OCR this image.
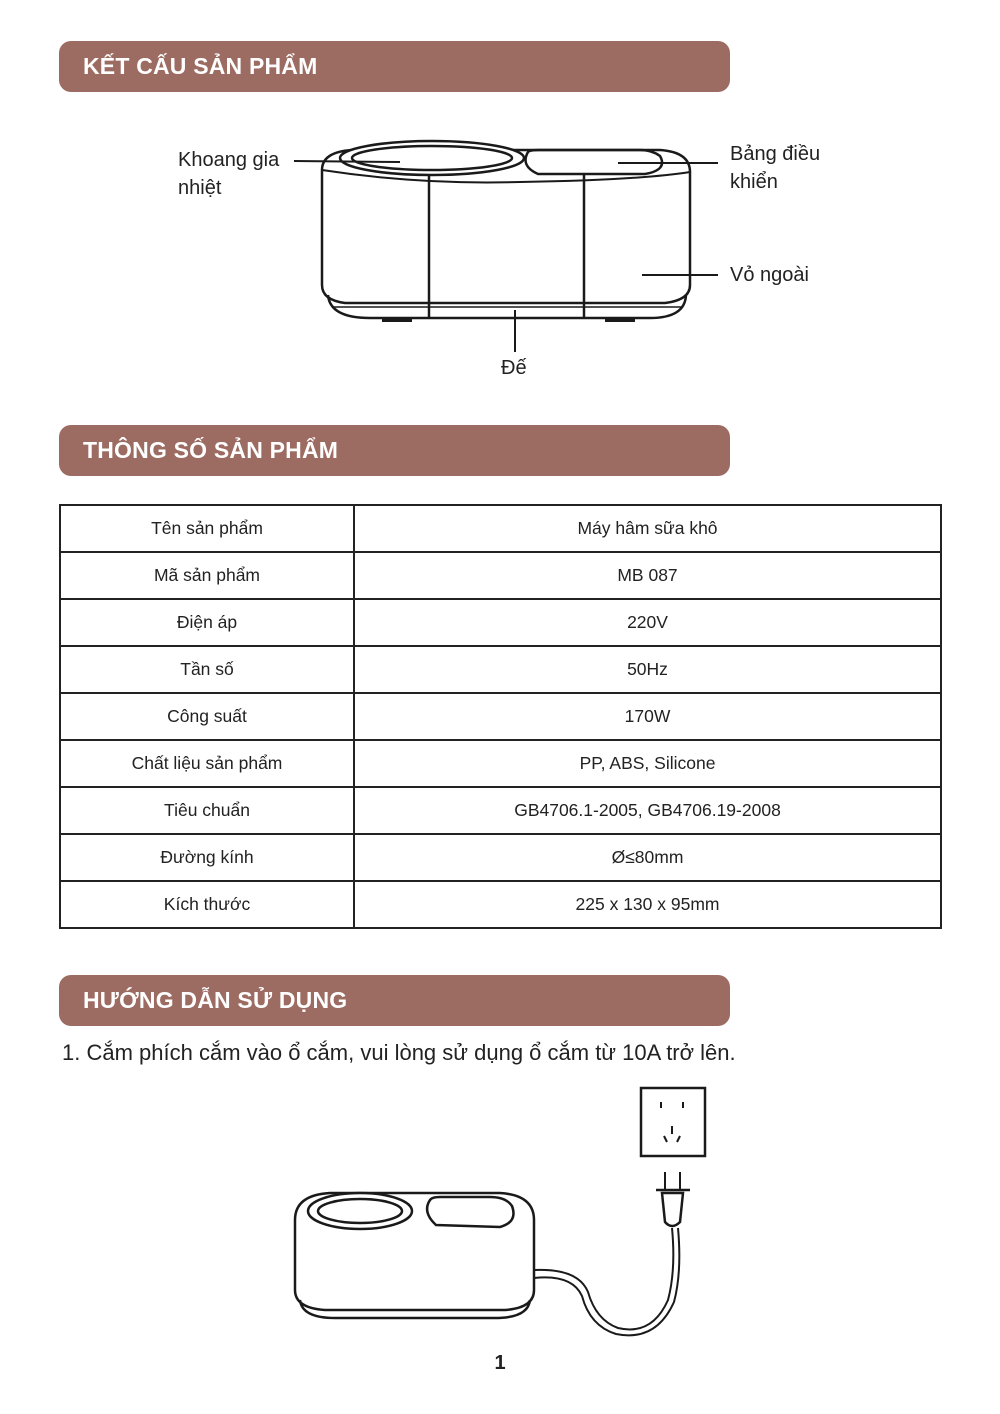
KẾT CẤU SẢN PHẨM
Khoang gia
nhiệt
Bảng điều
khiển
Vỏ ngoài
Đế
THÔNG SỐ SẢN PHẨM
Tên sản phẩm	Máy hâm sữa khô
Mã sản phẩm	MB 087
Điện áp	220V
Tần số	50Hz
Công suất	170W
Chất liệu sản phẩm	PP, ABS, Silicone
Tiêu chuẩn	GB4706.1-2005, GB4706.19-2008
Đường kính	Ø≤80mm
Kích thước	225 x 130 x 95mm
HƯỚNG DẪN SỬ DỤNG
1. Cắm phích cắm vào ổ cắm, vui lòng sử dụng ổ cắm từ 10A trở lên.
1
